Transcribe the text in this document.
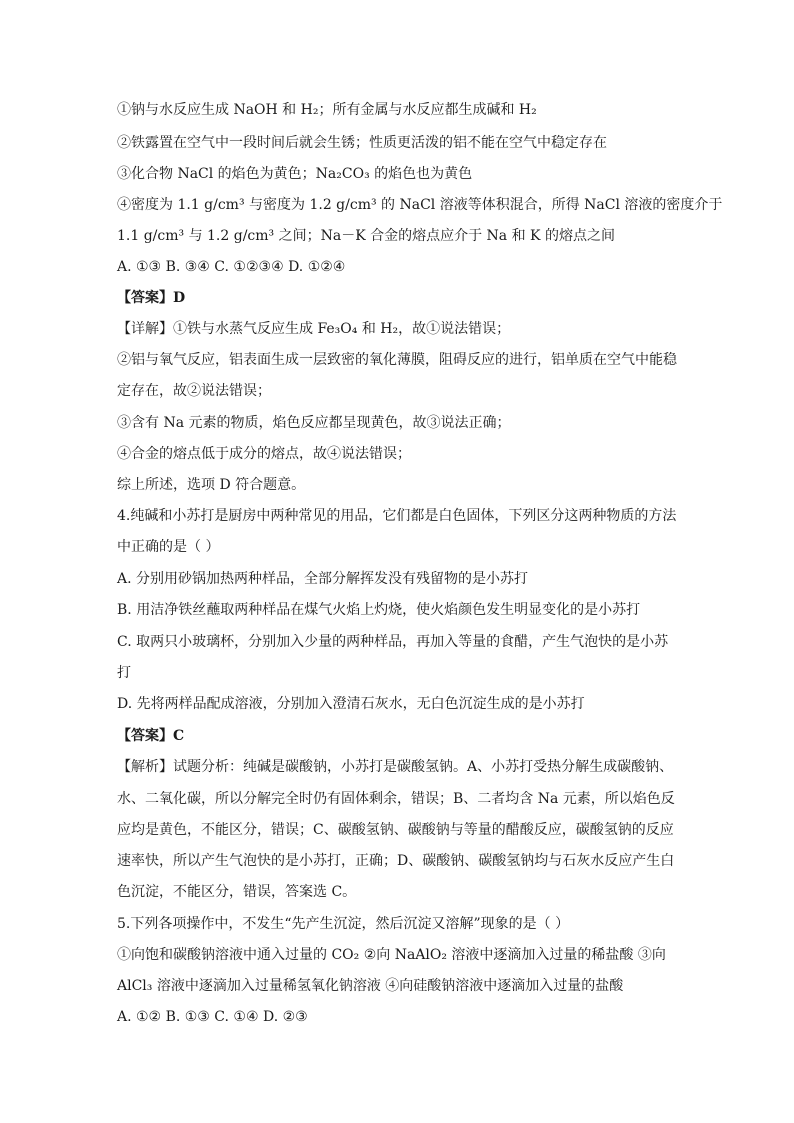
①钠与水反应生成 NaOH 和 H₂；所有金属与水反应都生成碱和 H₂
②铁露置在空气中一段时间后就会生锈；性质更活泼的铝不能在空气中稳定存在
③化合物 NaCl 的焰色为黄色；Na₂CO₃ 的焰色也为黄色
④密度为 1.1 g/cm³ 与密度为 1.2 g/cm³ 的 NaCl 溶液等体积混合，所得 NaCl 溶液的密度介于
1.1 g/cm³ 与 1.2 g/cm³ 之间；Na－K 合金的熔点应介于 Na 和 K 的熔点之间
A. ①③ B. ③④ C. ①②③④ D. ①②④
【答案】D
【详解】①铁与水蒸气反应生成 Fe₃O₄ 和 H₂，故①说法错误；
②铝与氧气反应，铝表面生成一层致密的氧化薄膜，阻碍反应的进行，铝单质在空气中能稳
定存在，故②说法错误；
③含有 Na 元素的物质，焰色反应都呈现黄色，故③说法正确；
④合金的熔点低于成分的熔点，故④说法错误；
综上所述，选项 D 符合题意。
4.纯碱和小苏打是厨房中两种常见的用品，它们都是白色固体，下列区分这两种物质的方法
中正确的是（ ）
A. 分别用砂锅加热两种样品，全部分解挥发没有残留物的是小苏打
B. 用洁净铁丝蘸取两种样品在煤气火焰上灼烧，使火焰颜色发生明显变化的是小苏打
C. 取两只小玻璃杯，分别加入少量的两种样品，再加入等量的食醋，产生气泡快的是小苏
打
D. 先将两样品配成溶液，分别加入澄清石灰水，无白色沉淀生成的是小苏打
【答案】C
【解析】试题分析：纯碱是碳酸钠，小苏打是碳酸氢钠。A、小苏打受热分解生成碳酸钠、
水、二氧化碳，所以分解完全时仍有固体剩余，错误；B、二者均含 Na 元素，所以焰色反
应均是黄色，不能区分，错误；C、碳酸氢钠、碳酸钠与等量的醋酸反应，碳酸氢钠的反应
速率快，所以产生气泡快的是小苏打，正确；D、碳酸钠、碳酸氢钠均与石灰水反应产生白
色沉淀，不能区分，错误，答案选 C。
5.下列各项操作中，不发生“先产生沉淀，然后沉淀又溶解”现象的是（ ）
①向饱和碳酸钠溶液中通入过量的 CO₂ ②向 NaAlO₂ 溶液中逐滴加入过量的稀盐酸 ③向
AlCl₃ 溶液中逐滴加入过量稀氢氧化钠溶液 ④向硅酸钠溶液中逐滴加入过量的盐酸
A. ①② B. ①③ C. ①④ D. ②③
